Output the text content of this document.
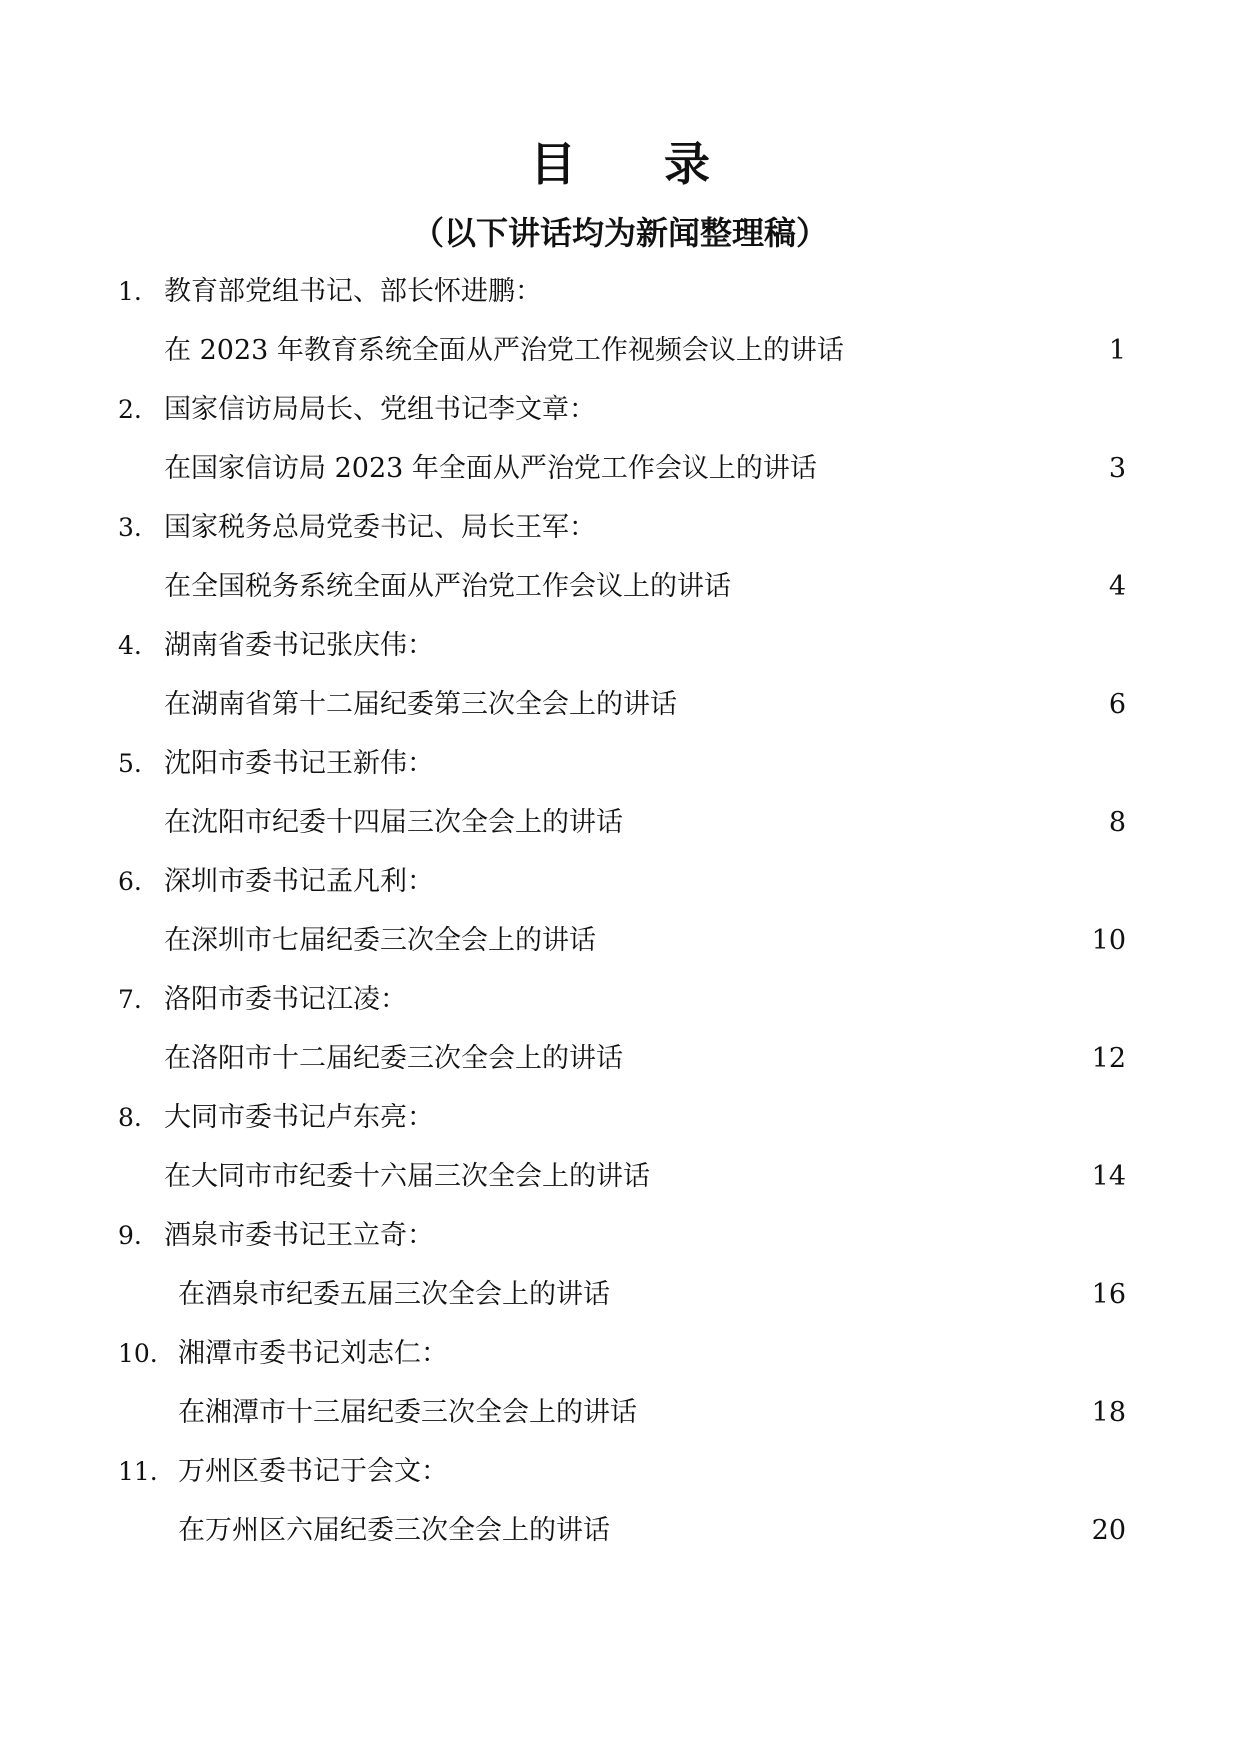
目 录
（以下讲话均为新闻整理稿）
1. 教育部党组书记、部长怀进鹏：
在 2023 年教育系统全面从严治党工作视频会议上的讲话	1
2. 国家信访局局长、党组书记李文章：
在国家信访局 2023 年全面从严治党工作会议上的讲话	3
3. 国家税务总局党委书记、局长王军：
在全国税务系统全面从严治党工作会议上的讲话	4
4. 湖南省委书记张庆伟：
在湖南省第十二届纪委第三次全会上的讲话	6
5. 沈阳市委书记王新伟：
在沈阳市纪委十四届三次全会上的讲话	8
6. 深圳市委书记孟凡利：
在深圳市七届纪委三次全会上的讲话	10
7. 洛阳市委书记江凌：
在洛阳市十二届纪委三次全会上的讲话	12
8. 大同市委书记卢东亮：
在大同市市纪委十六届三次全会上的讲话	14
9. 酒泉市委书记王立奇：
在酒泉市纪委五届三次全会上的讲话	16
10. 湘潭市委书记刘志仁：
在湘潭市十三届纪委三次全会上的讲话	18
11. 万州区委书记于会文：
在万州区六届纪委三次全会上的讲话	20
